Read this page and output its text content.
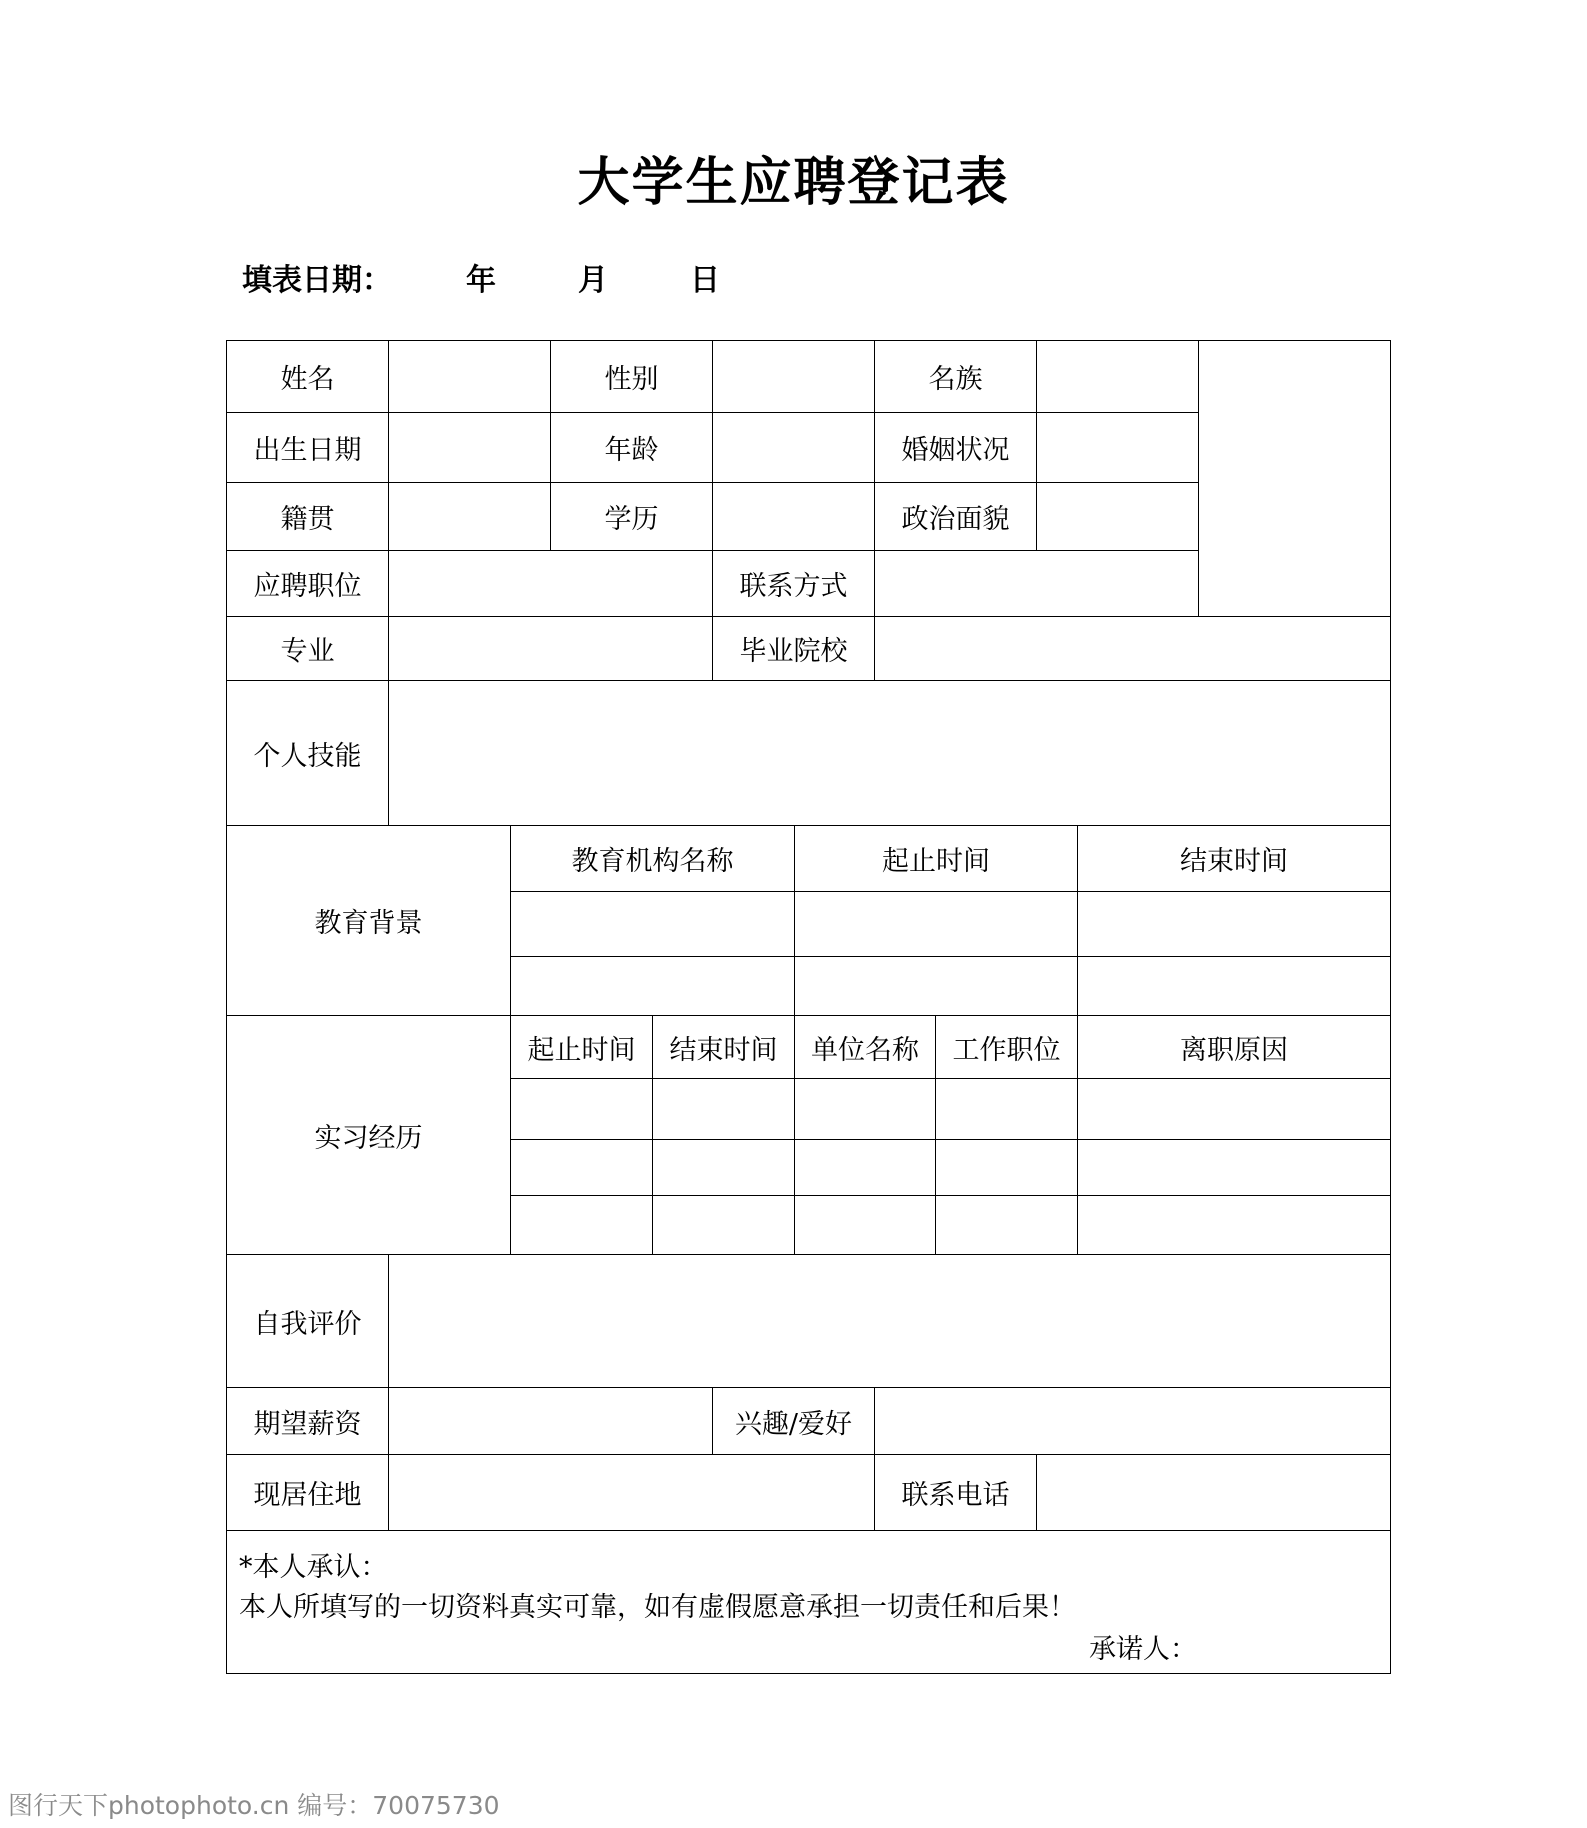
大学生应聘登记表
填表日期： 年	月	日
姓名	性别	名族
出生日期	年龄	婚姻状况
籍贯	学历	政治面貌
应聘职位	联系方式
专业	毕业院校
个人技能
教育背景
教育机构名称	起止时间	结束时间
实习经历
起止时间	结束时间	单位名称	工作职位	离职原因
自我评价
期望薪资	兴趣/爱好
现居住地	联系电话
*本人承认：
本人所填写的一切资料真实可靠，如有虚假愿意承担一切责任和后果！
承诺人：
图行天下photophoto.cn 编号：70075730
